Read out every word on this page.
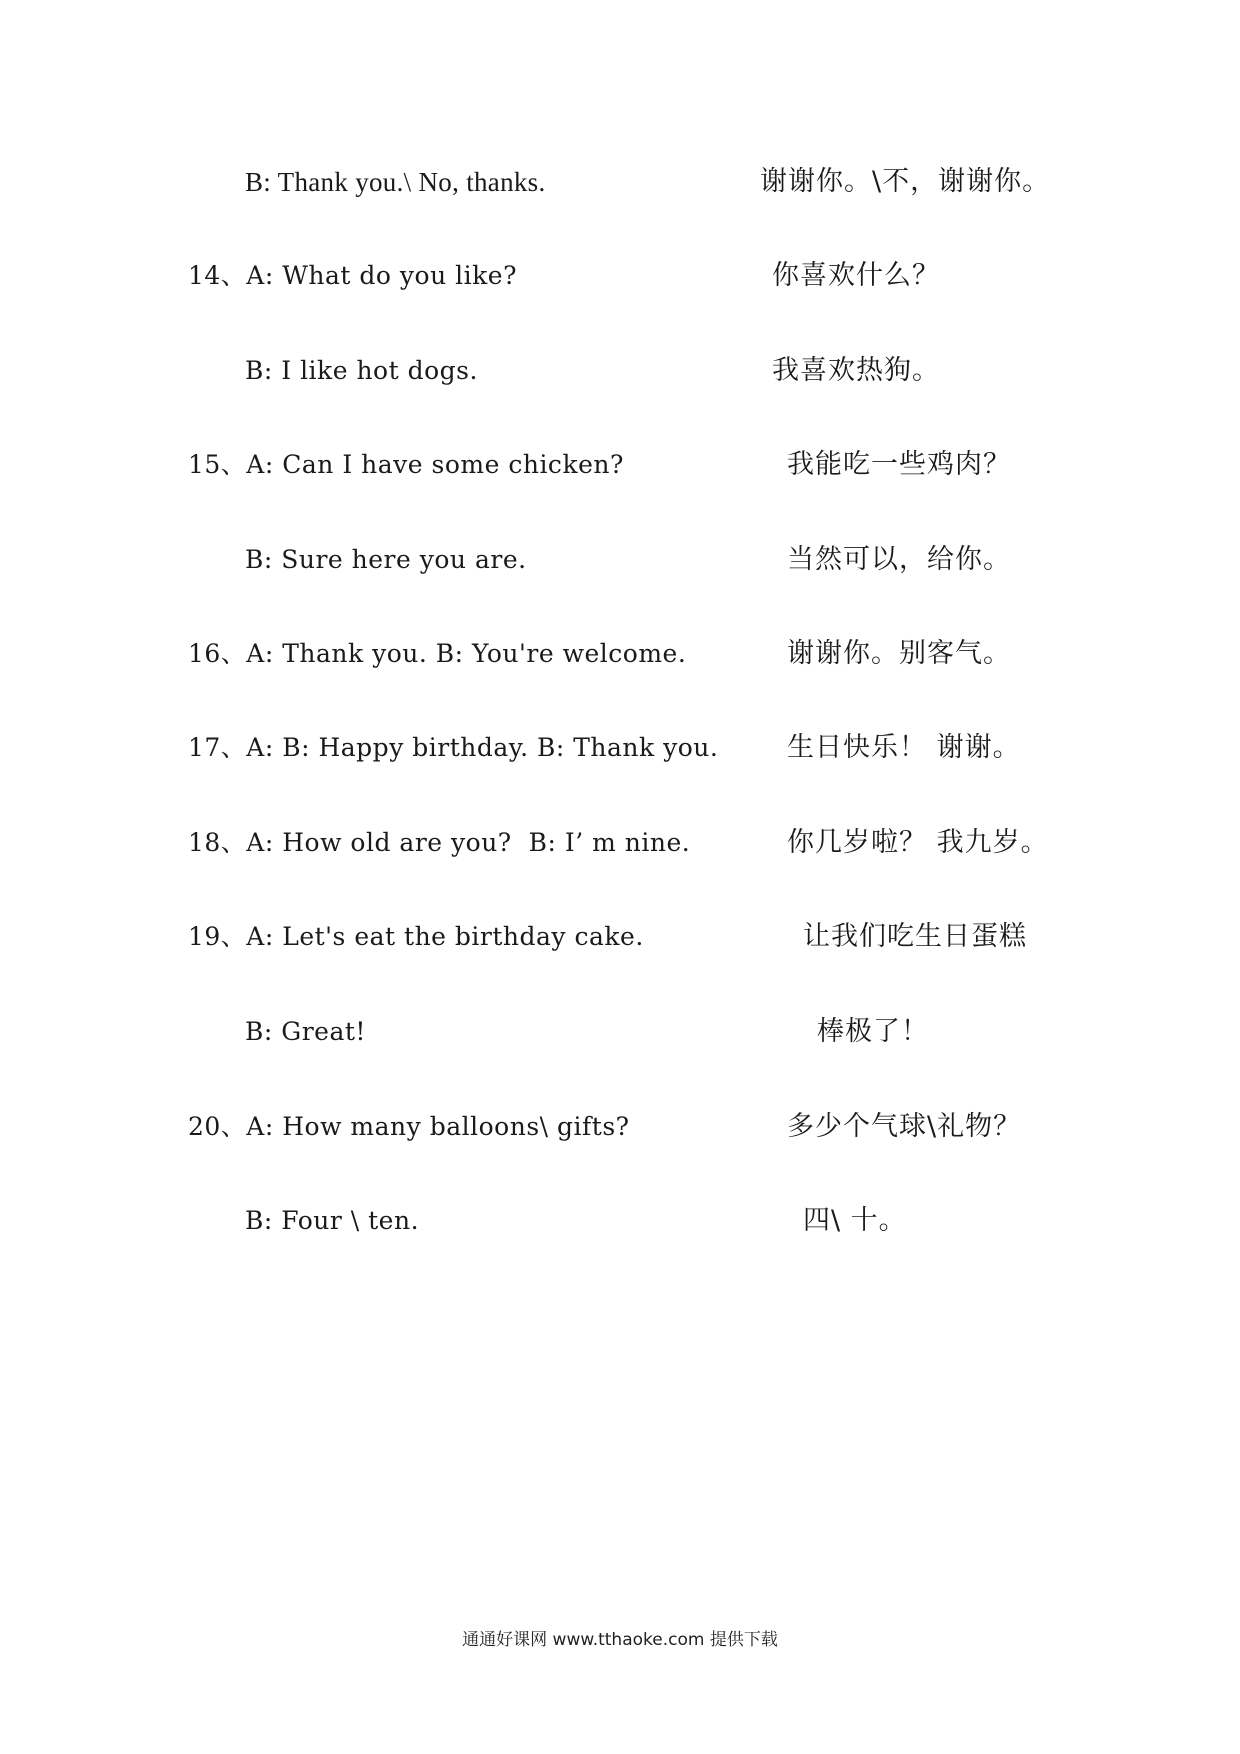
B: Thank you.\ No, thanks.	谢谢你。\不，谢谢你。
14、A: What do you like?	你喜欢什么？
B: I like hot dogs.	我喜欢热狗。
15、A: Can I have some chicken?	我能吃一些鸡肉？
B: Sure here you are.	当然可以，给你。
16、A: Thank you. B: You're welcome.	谢谢你。别客气。
17、A: B: Happy birthday. B: Thank you.	生日快乐！ 谢谢。
18、A: How old are you?  B: I’ m nine.	你几岁啦？ 我九岁。
19、A: Let's eat the birthday cake.	让我们吃生日蛋糕
B: Great!	棒极了！
20、A: How many balloons\ gifts?	多少个气球\礼物？
B: Four \ ten.	四\ 十。
通通好课网 www.tthaoke.com 提供下载
